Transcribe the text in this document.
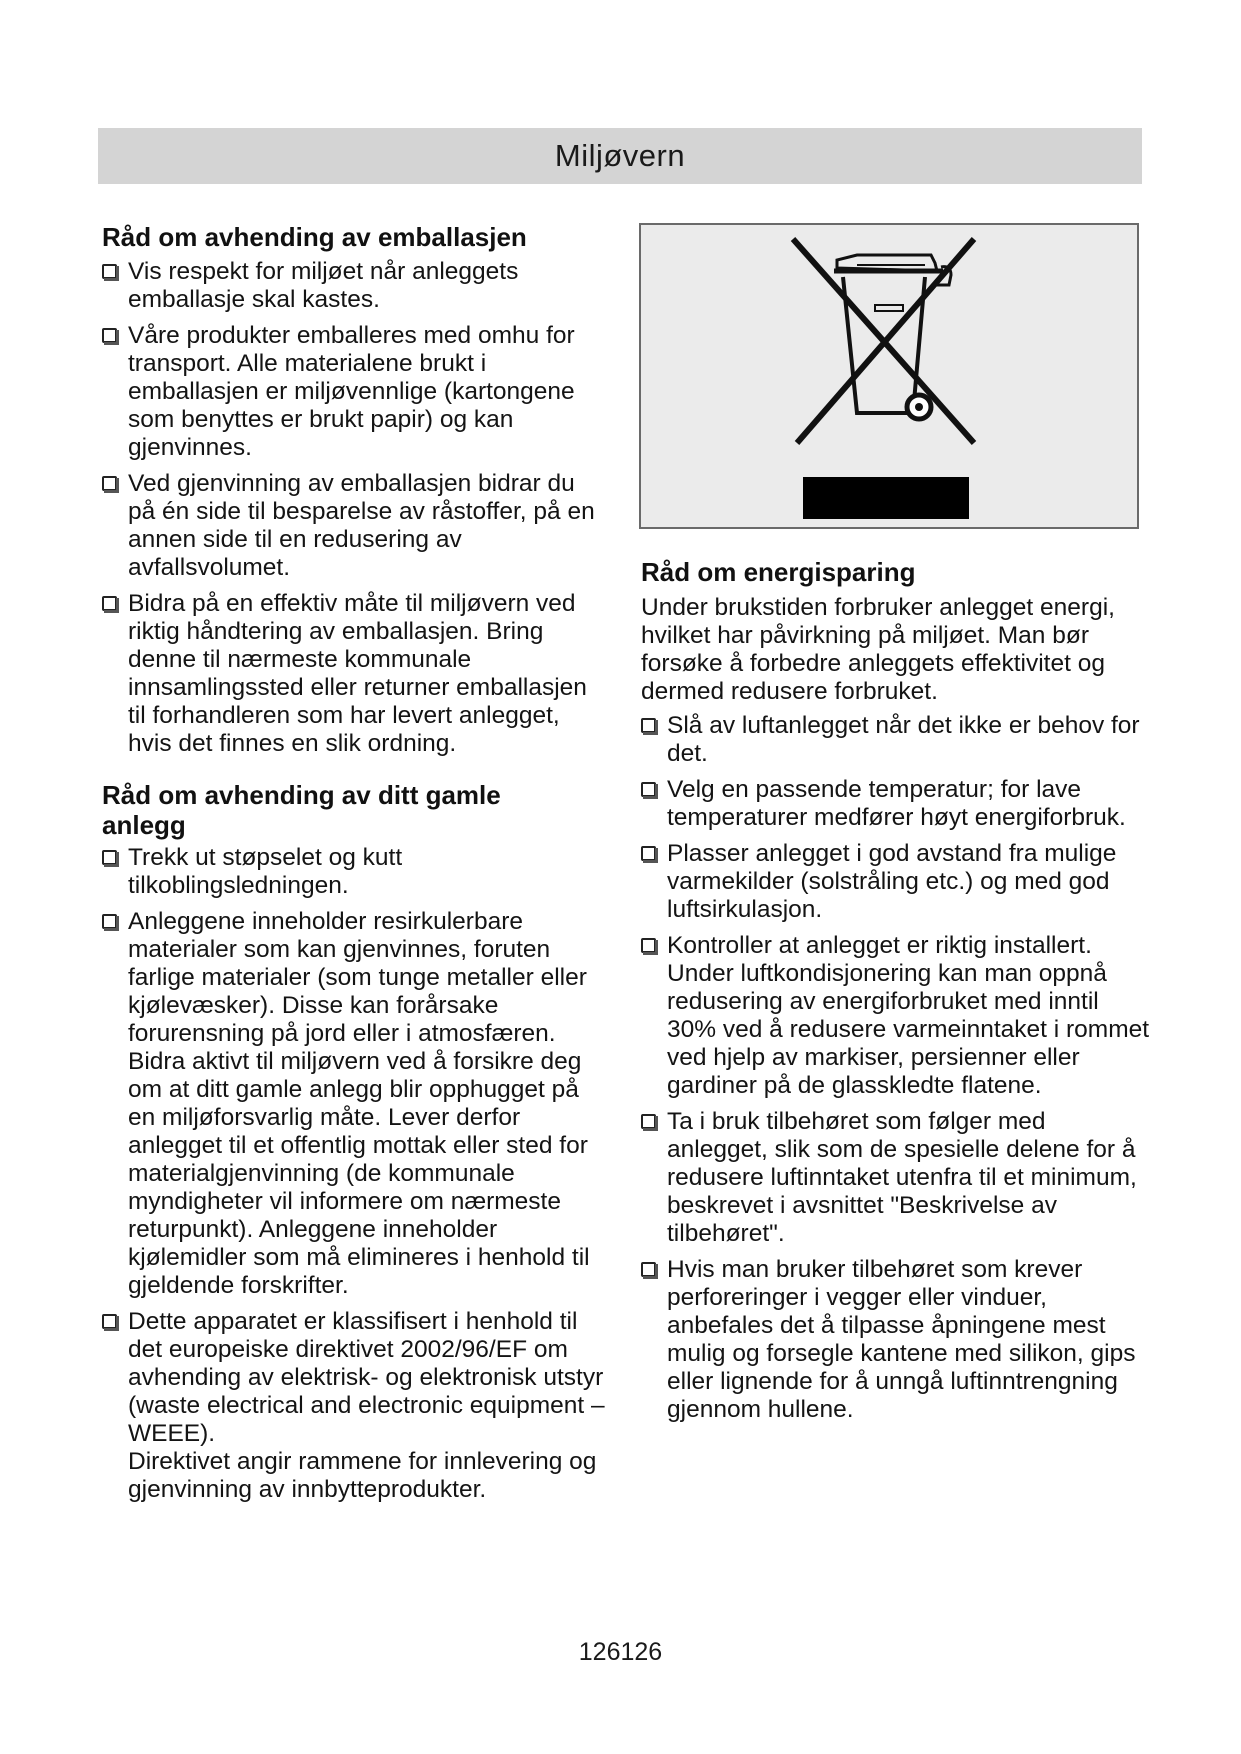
Miljøvern
Råd om avhending av emballasjen
Vis respekt for miljøet når anleggets emballasje skal kastes.
Våre produkter emballeres med omhu for transport. Alle materialene brukt i emballasjen er miljøvennlige (kartongene som benyttes er brukt papir) og kan gjenvinnes.
Ved gjenvinning av emballasjen bidrar du på én side til besparelse av råstoffer, på en annen side til en redusering av avfallsvolumet.
Bidra på en effektiv måte til miljøvern ved riktig håndtering av emballasjen. Bring denne til nærmeste kommunale innsamlingssted eller returner emballasjen til forhandleren som har levert anlegget, hvis det finnes en slik ordning.
Råd om avhending av ditt gamle anlegg
Trekk ut støpselet og kutt tilkoblingsledningen.
Anleggene inneholder resirkulerbare materialer som kan gjenvinnes, foruten farlige materialer (som tunge metaller eller kjølevæsker). Disse kan forårsake forurensning på jord eller i atmosfæren. Bidra aktivt til miljøvern ved å forsikre deg om at ditt gamle anlegg blir opphugget på en miljøforsvarlig måte. Lever derfor anlegget til et offentlig mottak eller sted for materialgjenvinning (de kommunale myndigheter vil informere om nærmeste returpunkt). Anleggene inneholder kjølemidler som må elimineres i henhold til gjeldende forskrifter.
Dette apparatet er klassifisert i henhold til det europeiske direktivet 2002/96/EF om avhending av elektrisk- og elektronisk utstyr (waste electrical and electronic equipment – WEEE).
Direktivet angir rammene for innlevering og gjenvinning av innbytteprodukter.
Råd om energisparing

Under brukstiden forbruker anlegget energi, hvilket har påvirkning på miljøet. Man bør forsøke å forbedre anleggets effektivitet og dermed redusere forbruket.

Slå av luftanlegget når det ikke er behov for det.
Velg en passende temperatur; for lave temperaturer medfører høyt energiforbruk.
Plasser anlegget i god avstand fra mulige varmekilder (solstråling etc.) og med god luftsirkulasjon.
Kontroller at anlegget er riktig installert. Under luftkondisjonering kan man oppnå redusering av energiforbruket med inntil 30% ved å redusere varmeinntaket i rommet ved hjelp av markiser, persienner eller gardiner på de glasskledte flatene.
Ta i bruk tilbehøret som følger med anlegget, slik som de spesielle delene for å redusere luftinntaket utenfra til et minimum, beskrevet i avsnittet "Beskrivelse av tilbehøret".
Hvis man bruker tilbehøret som krever perforeringer i vegger eller vinduer, anbefales det å tilpasse åpningene mest mulig og forsegle kantene med silikon, gips eller lignende for å unngå luftinntrengning gjennom hullene.
126126
